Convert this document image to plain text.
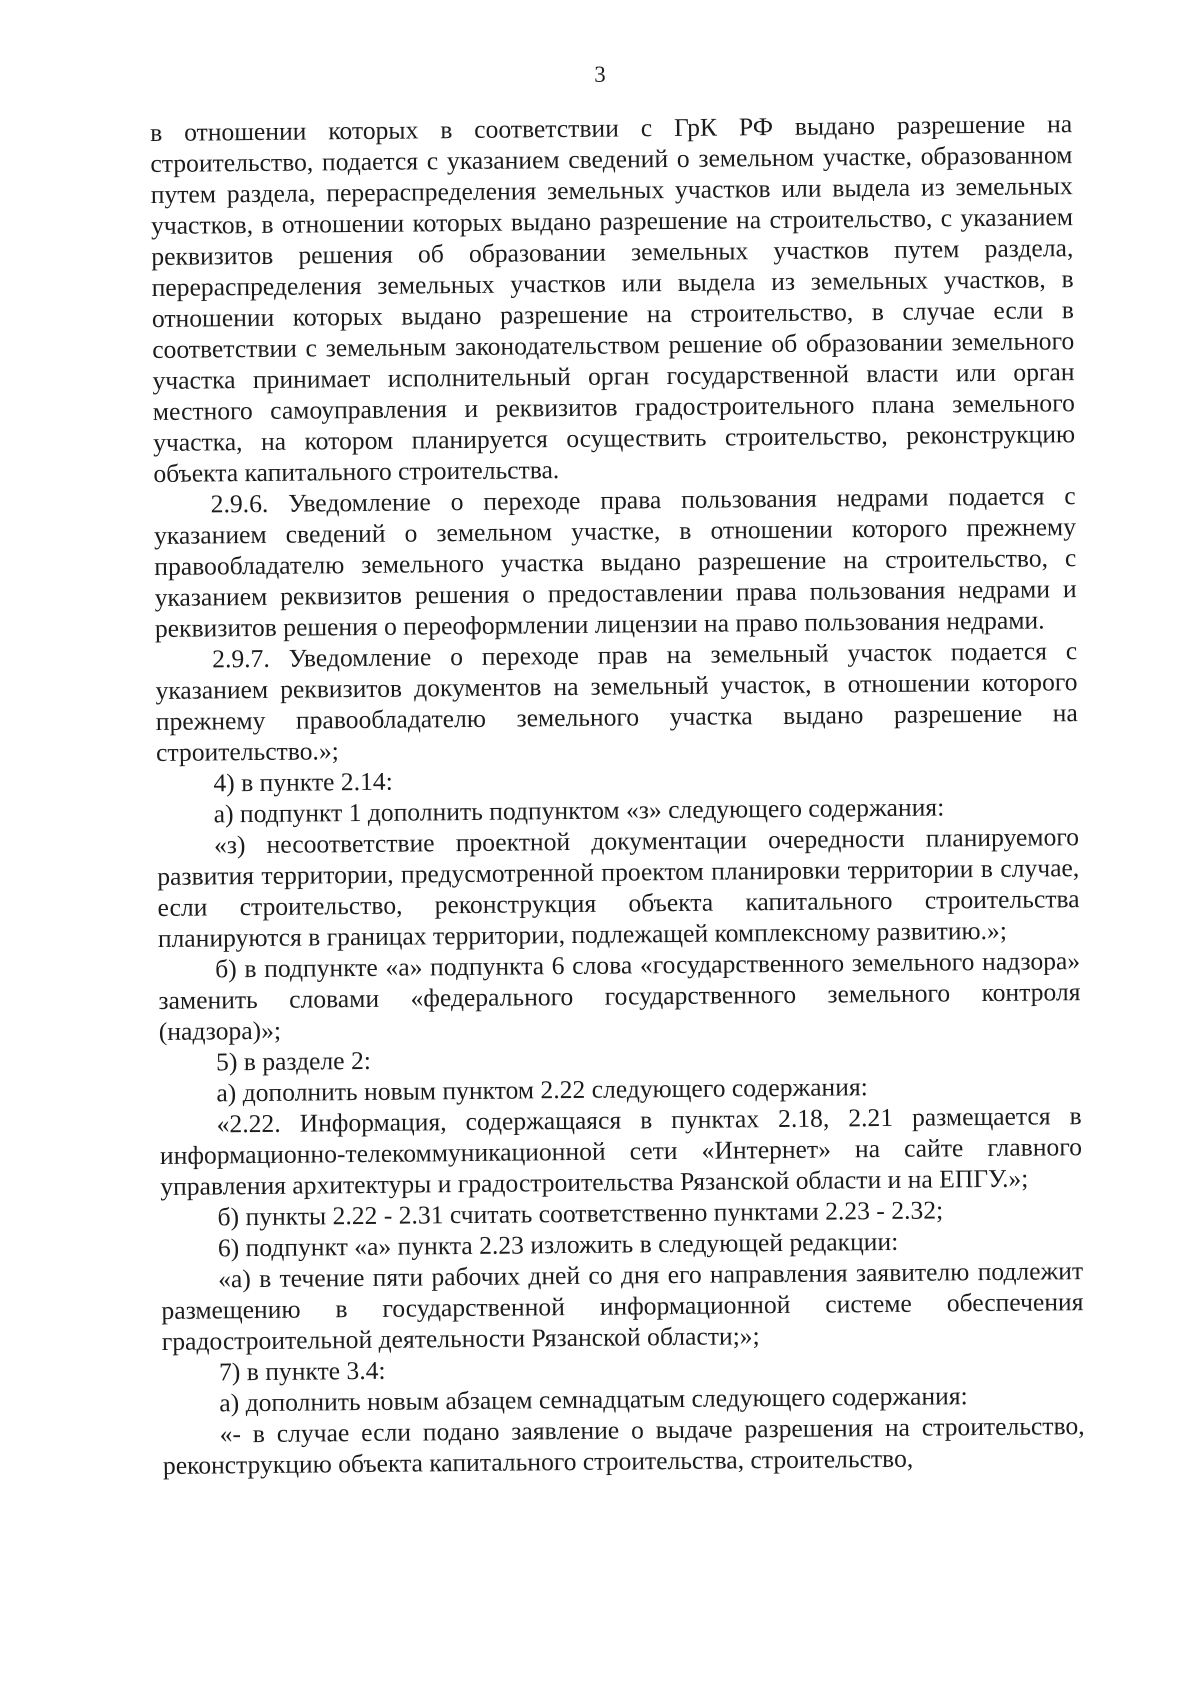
3

в отношении которых в соответствии с ГрК РФ выдано разрешение на строительство, подается с указанием сведений о земельном участке, образованном путем раздела, перераспределения земельных участков или выдела из земельных участков, в отношении которых выдано разрешение на строительство, с указанием реквизитов решения об образовании земельных участков путем раздела, перераспределения земельных участков или выдела из земельных участков, в отношении которых выдано разрешение на строительство, в случае если в соответствии с земельным законодательством решение об образовании земельного участка принимает исполнительный орган государственной власти или орган местного самоуправления и реквизитов градостроительного плана земельного участка, на котором планируется осуществить строительство, реконструкцию объекта капитального строительства.

2.9.6. Уведомление о переходе права пользования недрами подается с указанием сведений о земельном участке, в отношении которого прежнему правообладателю земельного участка выдано разрешение на строительство, с указанием реквизитов решения о предоставлении права пользования недрами и реквизитов решения о переоформлении лицензии на право пользования недрами.

2.9.7. Уведомление о переходе прав на земельный участок подается с указанием реквизитов документов на земельный участок, в отношении которого прежнему правообладателю земельного участка выдано разрешение на строительство.»;

4) в пункте 2.14:

а) подпункт 1 дополнить подпунктом «з» следующего содержания:

«з) несоответствие проектной документации очередности планируемого развития территории, предусмотренной проектом планировки территории в случае, если строительство, реконструкция объекта капитального строительства планируются в границах территории, подлежащей комплексному развитию.»;

б) в подпункте «а» подпункта 6 слова «государственного земельного надзора» заменить словами «федерального государственного земельного контроля (надзора)»;

5) в разделе 2:

а) дополнить новым пунктом 2.22 следующего содержания:

«2.22. Информация, содержащаяся в пунктах 2.18, 2.21 размещается в информационно-телекоммуникационной сети «Интернет» на сайте главного управления архитектуры и градостроительства Рязанской области и на ЕПГУ.»;

б) пункты 2.22 - 2.31 считать соответственно пунктами 2.23 - 2.32;

6) подпункт «а» пункта 2.23 изложить в следующей редакции:

«а) в течение пяти рабочих дней со дня его направления заявителю подлежит размещению в государственной информационной системе обеспечения градостроительной деятельности Рязанской области;»;

7) в пункте 3.4:

а) дополнить новым абзацем семнадцатым следующего содержания:

«- в случае если подано заявление о выдаче разрешения на строительство, реконструкцию объекта капитального строительства, строительство,
